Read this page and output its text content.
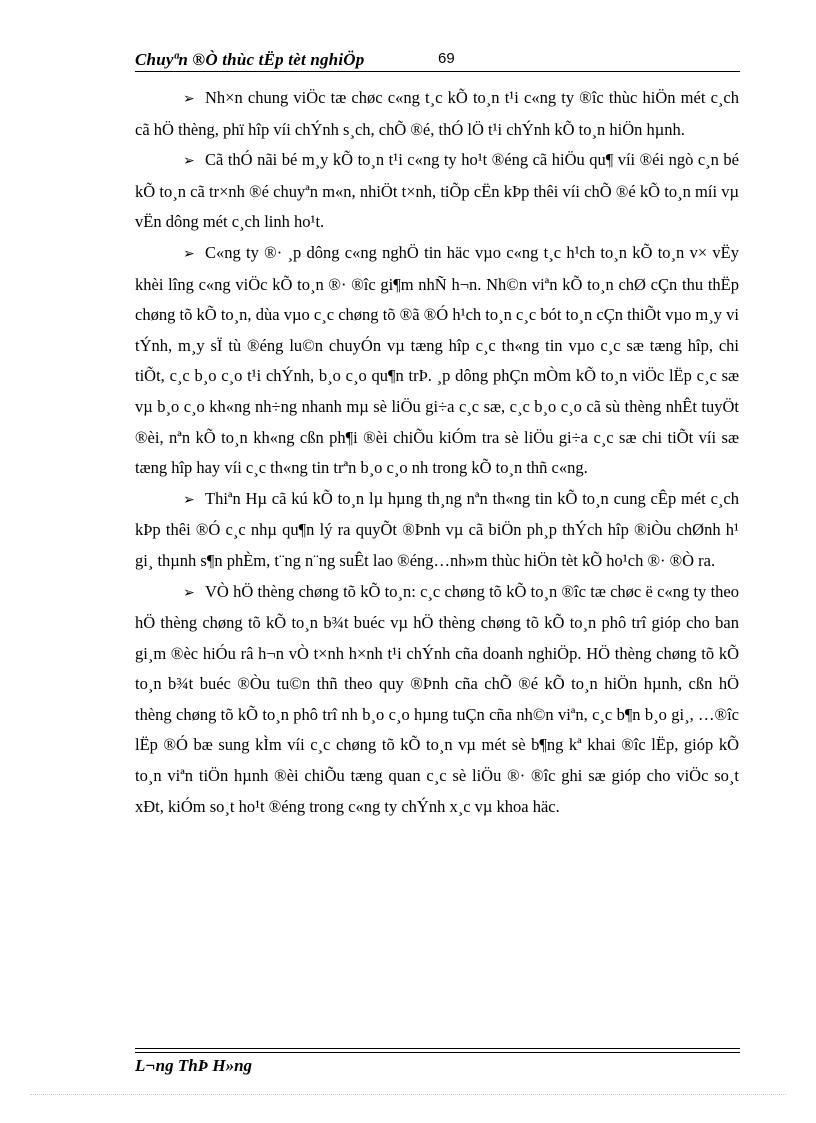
Chuyªn ®Ò thùc tËp tèt nghiÖp	69

➢ Nh×n chung viÖc tæ chøc c«ng t¸c kÕ to¸n t¹i c«ng ty ®îc thùc hiÖn mét c¸ch cã hÖ thèng, phï hîp víi chÝnh s¸ch, chÕ ®é, thÓ lÖ t¹i chÝnh kÕ to¸n hiÖn hµnh.

➢ Cã thÓ nãi bé m¸y kÕ to¸n t¹i c«ng ty ho¹t ®éng cã hiÖu qu¶ víi ®éi ngò c¸n bé kÕ to¸n cã tr×nh ®é chuyªn m«n, nhiÖt t×nh, tiÕp cËn kÞp thêi víi chÕ ®é kÕ to¸n míi vµ vËn dông mét c¸ch linh ho¹t.

➢ C«ng ty ®· ¸p dông c«ng nghÖ tin häc vµo c«ng t¸c h¹ch to¸n kÕ to¸n v× vËy khèi lîng c«ng viÖc kÕ to¸n ®· ®îc gi¶m nhÑ h¬n. Nh©n viªn kÕ to¸n chØ cÇn thu thËp chøng tõ kÕ to¸n, dùa vµo c¸c chøng tõ ®ã ®Ó h¹ch to¸n c¸c bót to¸n cÇn thiÕt vµo m¸y vi tÝnh, m¸y sÏ tù ®éng lu©n chuyÓn vµ tæng hîp c¸c th«ng tin vµo c¸c sæ tæng hîp, chi tiÕt, c¸c b¸o c¸o t¹i chÝnh, b¸o c¸o qu¶n trÞ. ¸p dông phÇn mÒm kÕ to¸n viÖc lËp c¸c sæ vµ b¸o c¸o kh«ng nh÷ng nhanh mµ sè liÖu gi÷a c¸c sæ, c¸c b¸o c¸o cã sù thèng nhÊt tuyÖt ®èi, nªn kÕ to¸n kh«ng cßn ph¶i ®èi chiÕu kiÓm tra sè liÖu gi÷a c¸c sæ chi tiÕt víi sæ tæng hîp hay víi c¸c th«ng tin trªn b¸o c¸o nh trong kÕ to¸n thñ c«ng.

➢ Thiªn Hµ cã kú kÕ to¸n lµ hµng th¸ng nªn th«ng tin kÕ to¸n cung cÊp mét c¸ch kÞp thêi ®Ó c¸c nhµ qu¶n lý ra quyÕt ®Þnh vµ cã biÖn ph¸p thÝch hîp ®iÒu chØnh h¹ gi¸ thµnh s¶n phÈm, t¨ng n¨ng suÊt lao ®éng…nh»m thùc hiÖn tèt kÕ ho¹ch ®· ®Ò ra.

➢ VÒ hÖ thèng chøng tõ kÕ to¸n: c¸c chøng tõ kÕ to¸n ®îc tæ chøc ë c«ng ty theo hÖ thèng chøng tõ kÕ to¸n b¾t buéc vµ hÖ thèng chøng tõ kÕ to¸n phô trî gióp cho ban gi¸m ®èc hiÓu râ h¬n vÒ t×nh h×nh t¹i chÝnh cña doanh nghiÖp. HÖ thèng chøng tõ kÕ to¸n b¾t buéc ®Òu tu©n thñ theo quy ®Þnh cña chÕ ®é kÕ to¸n hiÖn hµnh, cßn hÖ thèng chøng tõ kÕ to¸n phô trî nh b¸o c¸o hµng tuÇn cña nh©n viªn, c¸c b¶n b¸o gi¸, …®îc lËp ®Ó bæ sung kÌm víi c¸c chøng tõ kÕ to¸n vµ mét sè b¶ng kª khai ®îc lËp, gióp kÕ to¸n viªn tiÖn hµnh ®èi chiÕu tæng quan c¸c sè liÖu ®· ®îc ghi sæ gióp cho viÖc so¸t xÐt, kiÓm so¸t ho¹t ®éng trong c«ng ty chÝnh x¸c vµ khoa häc.

L¬ng ThÞ H»ng
